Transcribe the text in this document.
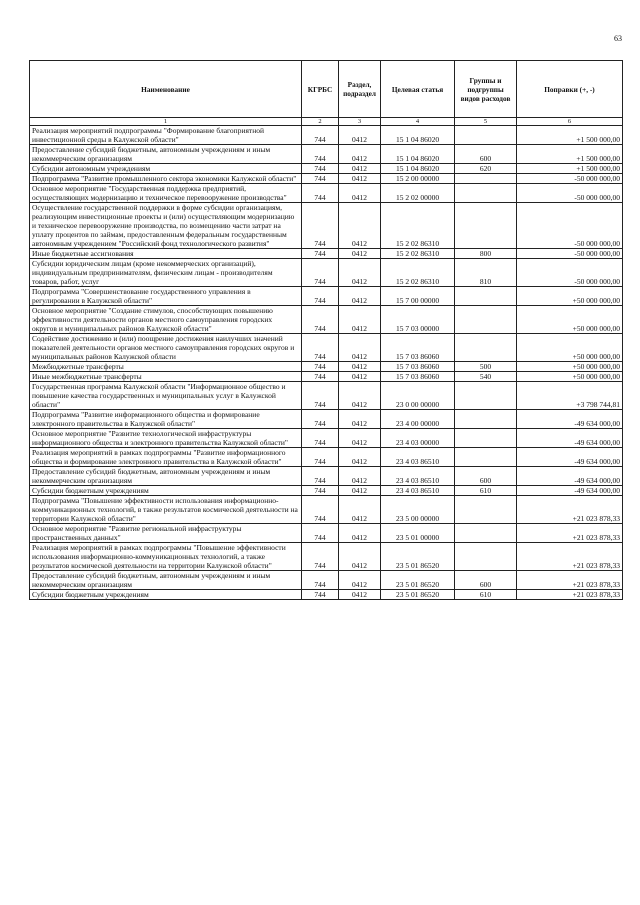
63
Наименование	КГРБС	Раздел, подраздел	Целевая статья	Группы и подгруппы видов расходов	Поправки (+, -)
1	2	3	4	5	6
Реализация мероприятий подпрограммы "Формирование благоприятной инвестиционной среды в Калужской области"	744	0412	15 1 04 86020		+1 500 000,00
Предоставление субсидий бюджетным, автономным учреждениям и иным некоммерческим организациям	744	0412	15 1 04 86020	600	+1 500 000,00
Субсидии автономным учреждениям	744	0412	15 1 04 86020	620	+1 500 000,00
Подпрограмма "Развитие промышленного сектора экономики Калужской области"	744	0412	15 2 00 00000		-50 000 000,00
Основное мероприятие "Государственная поддержка предприятий, осуществляющих модернизацию и техническое перевооружение производства"	744	0412	15 2 02 00000		-50 000 000,00
Осуществление государственной поддержки в форме субсидии организациям, реализующим инвестиционные проекты и (или) осуществляющим модернизацию и техническое перевооружение производства, по возмещению части затрат на уплату процентов по займам, предоставленным федеральным государственным автономным учреждением "Российский фонд технологического развития"	744	0412	15 2 02 86310		-50 000 000,00
Иные бюджетные ассигнования	744	0412	15 2 02 86310	800	-50 000 000,00
Субсидии юридическим лицам (кроме некоммерческих организаций), индивидуальным предпринимателям, физическим лицам - производителям товаров, работ, услуг	744	0412	15 2 02 86310	810	-50 000 000,00
Подпрограмма "Совершенствование государственного управления в регулировании в Калужской области"	744	0412	15 7 00 00000		+50 000 000,00
Основное мероприятие "Создание стимулов, способствующих повышению эффективности деятельности органов местного самоуправления городских округов и муниципальных районов Калужской области"	744	0412	15 7 03 00000		+50 000 000,00
Содействие достижению и (или) поощрение достижения наилучших значений показателей деятельности органов местного самоуправления городских округов и муниципальных районов Калужской области	744	0412	15 7 03 86060		+50 000 000,00
Межбюджетные трансферты	744	0412	15 7 03 86060	500	+50 000 000,00
Иные межбюджетные трансферты	744	0412	15 7 03 86060	540	+50 000 000,00
Государственная программа Калужской области "Информационное общество и повышение качества государственных и муниципальных услуг в Калужской области"	744	0412	23 0 00 00000		+3 798 744,81
Подпрограмма "Развитие информационного общества и формирование электронного правительства в Калужской области"	744	0412	23 4 00 00000		-49 634 000,00
Основное мероприятие "Развитие технологической инфраструктуры информационного общества и электронного правительства Калужской области"	744	0412	23 4 03 00000		-49 634 000,00
Реализация мероприятий в рамках подпрограммы "Развитие информационного общества и формирование электронного правительства в Калужской области"	744	0412	23 4 03 86510		-49 634 000,00
Предоставление субсидий бюджетным, автономным учреждениям и иным некоммерческим организациям	744	0412	23 4 03 86510	600	-49 634 000,00
Субсидии бюджетным учреждениям	744	0412	23 4 03 86510	610	-49 634 000,00
Подпрограмма "Повышение эффективности использования информационно-коммуникационных технологий, в также результатов космической деятельности на территории Калужской области"	744	0412	23 5 00 00000		+21 023 878,33
Основное мероприятие "Развитие региональной инфраструктуры пространственных данных"	744	0412	23 5 01 00000		+21 023 878,33
Реализация мероприятий в рамках подпрограммы "Повышение эффективности использования информационно-коммуникационных технологий, а также результатов космической деятельности на территории Калужской области"	744	0412	23 5 01 86520		+21 023 878,33
Предоставление субсидий бюджетным, автономным учреждениям и иным некоммерческим организациям	744	0412	23 5 01 86520	600	+21 023 878,33
Субсидии бюджетным учреждениям	744	0412	23 5 01 86520	610	+21 023 878,33
